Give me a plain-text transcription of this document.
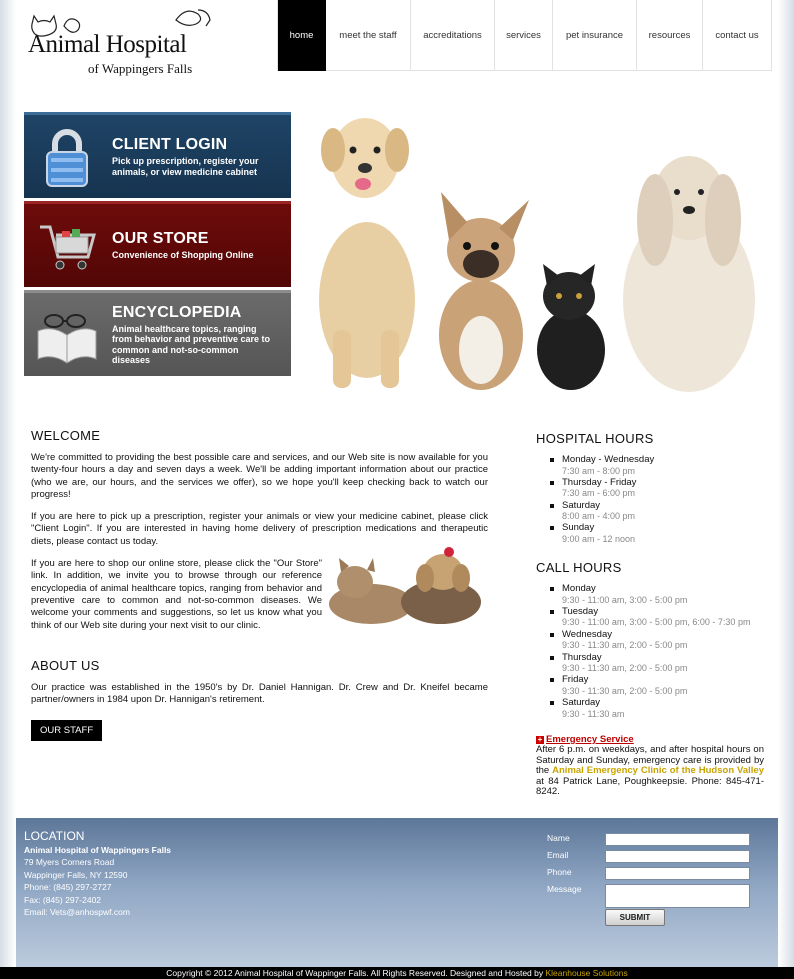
Animal Hospital
of Wappingers Falls
home	meet the staff	accreditations	services	pet insurance	resources	contact us
CLIENT LOGIN
Pick up prescription, register your animals, or view medicine cabinet
OUR STORE
Convenience of Shopping Online
ENCYCLOPEDIA
Animal healthcare topics, ranging from behavior and preventive care to common and not-so-common diseases
WELCOME

We're committed to providing the best possible care and services, and our Web site is now available for you twenty-four hours a day and seven days a week. We'll be adding important information about our practice (who we are, our hours, and the services we offer), so we hope you'll keep checking back to watch our progress!

If you are here to pick up a prescription, register your animals or view your medicine cabinet, please click "Client Login". If you are interested in having home delivery of prescription medications and therapeutic diets, please contact us today.

If you are here to shop our online store, please click the "Our Store" link. In addition, we invite you to browse through our reference encyclopedia of animal healthcare topics, ranging from behavior and preventive care to common and not-so-common diseases. We welcome your comments and suggestions, so let us know what you think of our Web site during your next visit to our clinic.

ABOUT US

Our practice was established in the 1950's by Dr. Daniel Hannigan. Dr. Crew and Dr. Kneifel became partner/owners in 1984 upon Dr. Hannigan's retirement.

OUR STAFF
HOSPITAL HOURS
Monday - Wednesday
7:30 am - 8:00 pm
Thursday - Friday
7:30 am - 6:00 pm
Saturday
8:00 am - 4:00 pm
Sunday
9:00 am - 12 noon
CALL HOURS
Monday
9:30 - 11:00 am, 3:00 - 5:00 pm
Tuesday
9:30 - 11:00 am, 3:00 - 5:00 pm, 6:00 - 7:30 pm
Wednesday
9:30 - 11:30 am, 2:00 - 5:00 pm
Thursday
9:30 - 11:30 am, 2:00 - 5:00 pm
Friday
9:30 - 11:30 am, 2:00 - 5:00 pm
Saturday
9:30 - 11:30 am
+ Emergency Service
After 6 p.m. on weekdays, and after hospital hours on Saturday and Sunday, emergency care is provided by the Animal Emergency Clinic of the Hudson Valley at 84 Patrick Lane, Poughkeepsie. Phone: 845-471-8242.
LOCATION
Animal Hospital of Wappingers Falls
79 Myers Corners Road
Wappinger Falls, NY 12590
Phone: (845) 297-2727
Fax: (845) 297-2402
Email: Vets@anhospwf.com
Name
Email
Phone
Message
SUBMIT
Copyright © 2012 Animal Hospital of Wappinger Falls. All Rights Reserved. Designed and Hosted by Kleanhouse Solutions
